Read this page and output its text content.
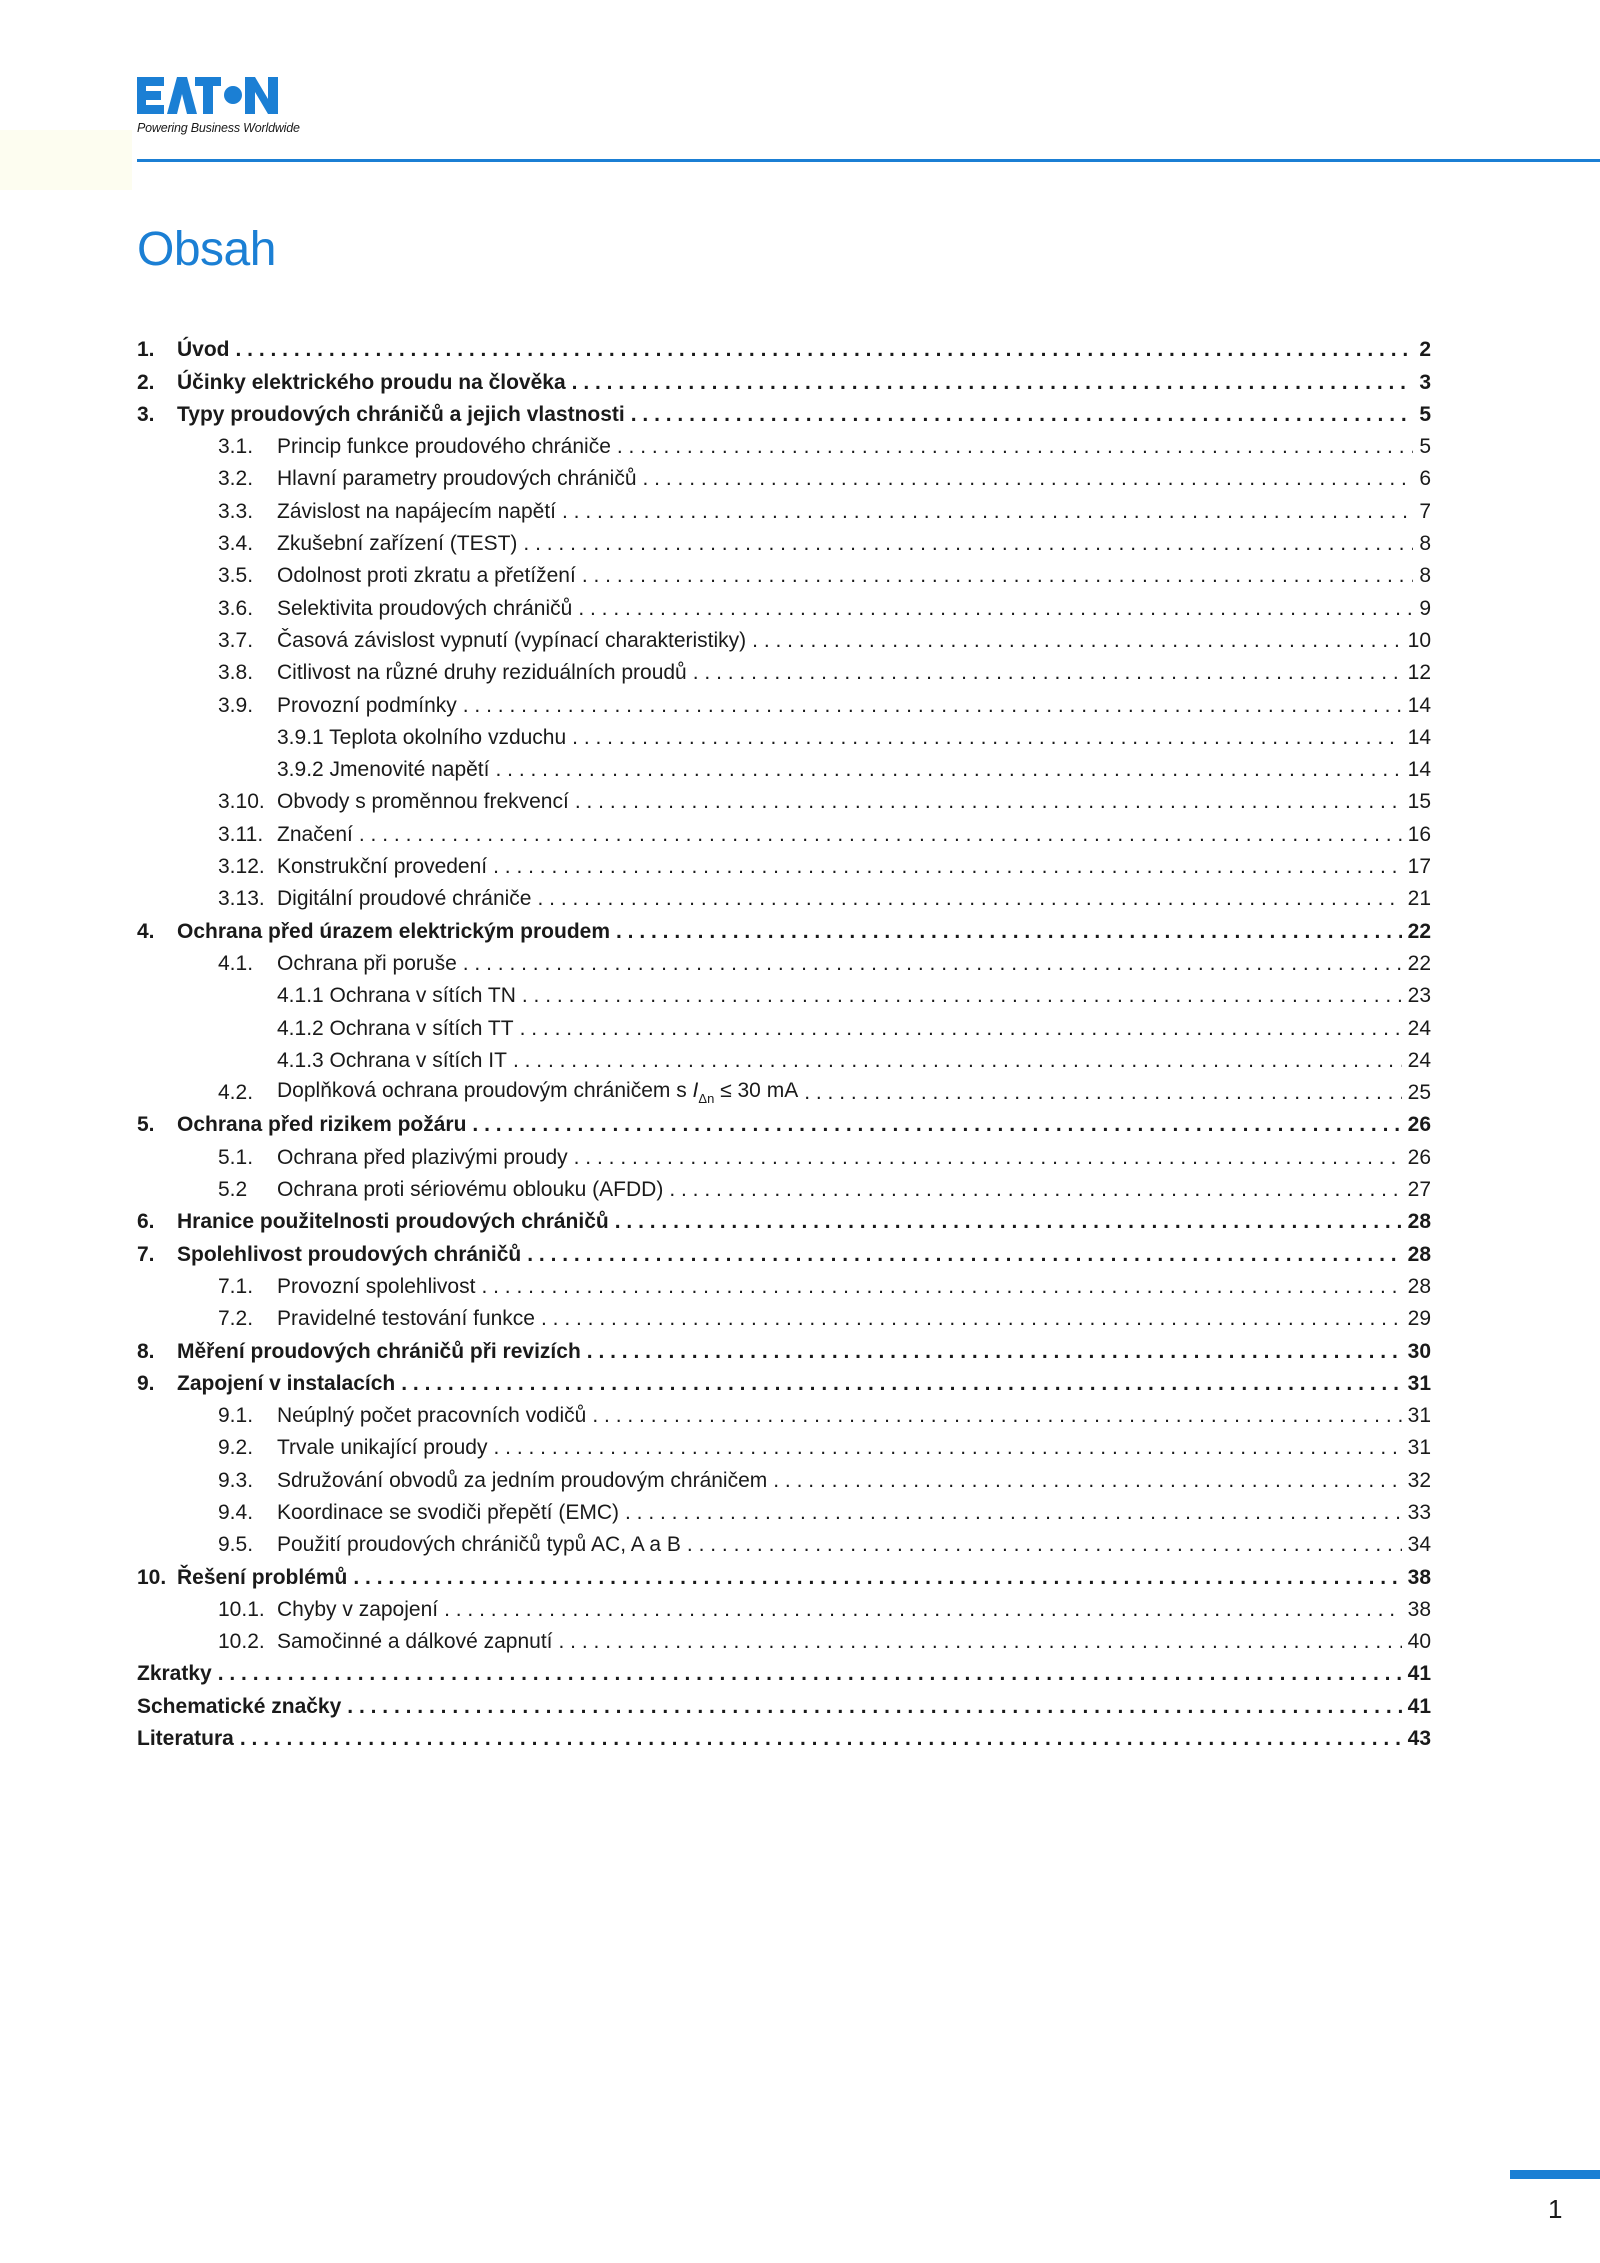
Powering Business Worldwide
Obsah
1.	Úvod . . .	2
2.	Účinky elektrického proudu na člověka . . .	3
3.	Typy proudových chráničů a jejich vlastnosti . . .	5
3.1.	Princip funkce proudového chrániče . . .	5
3.2.	Hlavní parametry proudových chráničů . . .	6
3.3.	Závislost na napájecím napětí . . .	7
3.4.	Zkušební zařízení (TEST) . . .	8
3.5.	Odolnost proti zkratu a přetížení . . .	8
3.6.	Selektivita proudových chráničů . . .	9
3.7.	Časová závislost vypnutí (vypínací charakteristiky) . . .	10
3.8.	Citlivost na různé druhy reziduálních proudů . . .	12
3.9.	Provozní podmínky . . .	14
3.9.1 Teplota okolního vzduchu . . .	14
3.9.2 Jmenovité napětí . . .	14
3.10. Obvody s proměnnou frekvencí . . .	15
3.11. Značení . . .	16
3.12. Konstrukční provedení . . .	17
3.13. Digitální proudové chrániče . . .	21
4.	Ochrana před úrazem elektrickým proudem . . .	22
4.1.	Ochrana při poruše . . .	22
4.1.1 Ochrana v sítích TN . . .	23
4.1.2 Ochrana v sítích TT . . .	24
4.1.3 Ochrana v sítích IT . . .	24
4.2.	Doplňková ochrana proudovým chráničem s $I_{\Delta n} \le 30$ mA . . .	25
5.	Ochrana před rizikem požáru . . .	26
5.1.	Ochrana před plazivými proudy . . .	26
5.2	Ochrana proti sériovému oblouku (AFDD) . . .	27
6.	Hranice použitelnosti proudových chráničů . . .	28
7.	Spolehlivost proudových chráničů . . .	28
7.1.	Provozní spolehlivost . . .	28
7.2.	Pravidelné testování funkce . . .	29
8.	Měření proudových chráničů při revizích . . .	30
9.	Zapojení v instalacích . . .	31
9.1.	Neúplný počet pracovních vodičů . . .	31
9.2.	Trvale unikající proudy . . .	31
9.3.	Sdružování obvodů za jedním proudovým chráničem . . .	32
9.4.	Koordinace se svodiči přepětí (EMC) . . .	33
9.5.	Použití proudových chráničů typů AC, A a B . . .	34
10. Řešení problémů . . .	38
10.1. Chyby v zapojení . . .	38
10.2. Samočinné a dálkové zapnutí . . .	40
Zkratky . . .	41
Schematické značky . . .	41
Literatura . . .	43
1
